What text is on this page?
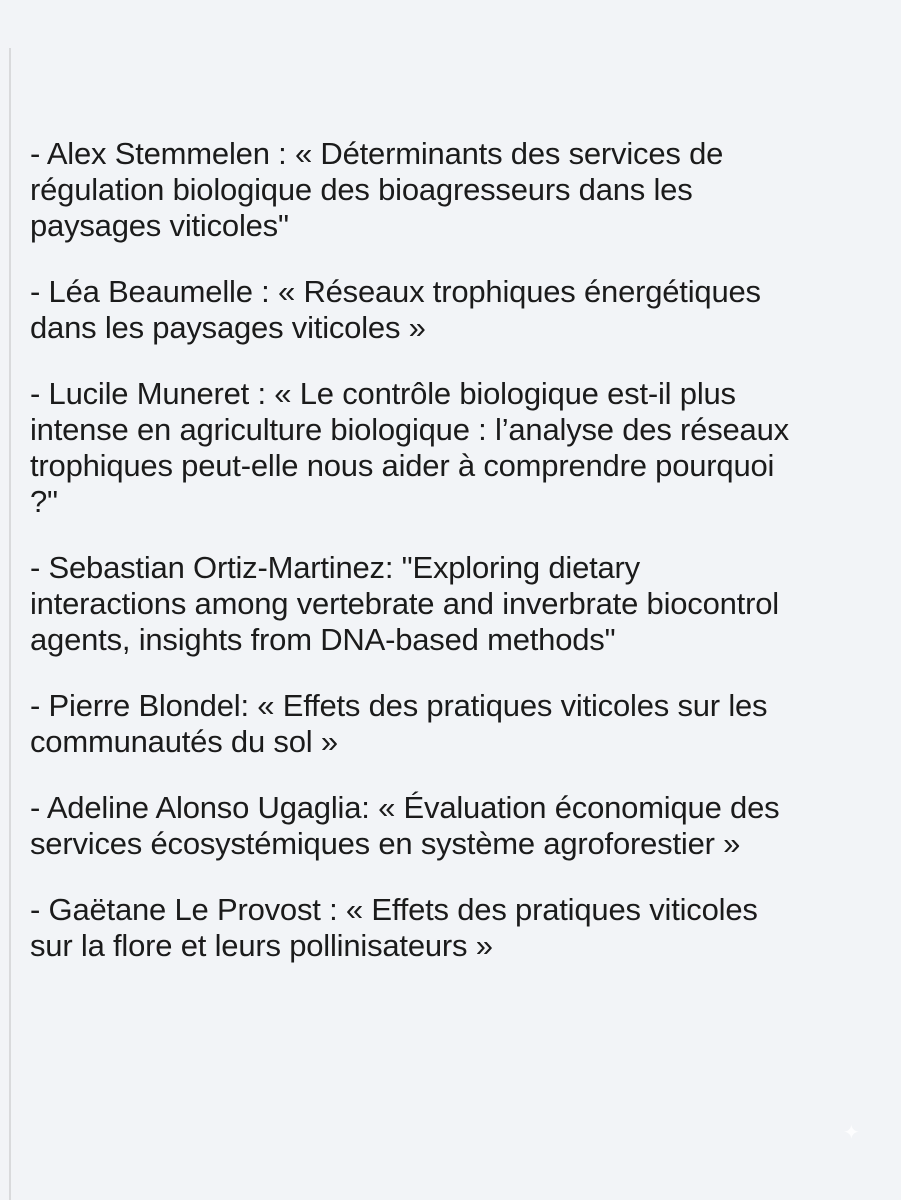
- Alex Stemmelen : « Déterminants des services de
régulation biologique des bioagresseurs dans les
paysages viticoles"

- Léa Beaumelle : « Réseaux trophiques énergétiques
dans les paysages viticoles »

- Lucile Muneret : « Le contrôle biologique est-il plus
intense en agriculture biologique : l’analyse des réseaux
trophiques peut-elle nous aider à comprendre pourquoi
?"

- Sebastian Ortiz-Martinez: "Exploring dietary
interactions among vertebrate and inverbrate biocontrol
agents, insights from DNA-based methods"

- Pierre Blondel: « Effets des pratiques viticoles sur les
communautés du sol »

- Adeline Alonso Ugaglia: « Évaluation économique des
services écosystémiques en système agroforestier »

- Gaëtane Le Provost : « Effets des pratiques viticoles
sur la flore et leurs pollinisateurs »

✦
